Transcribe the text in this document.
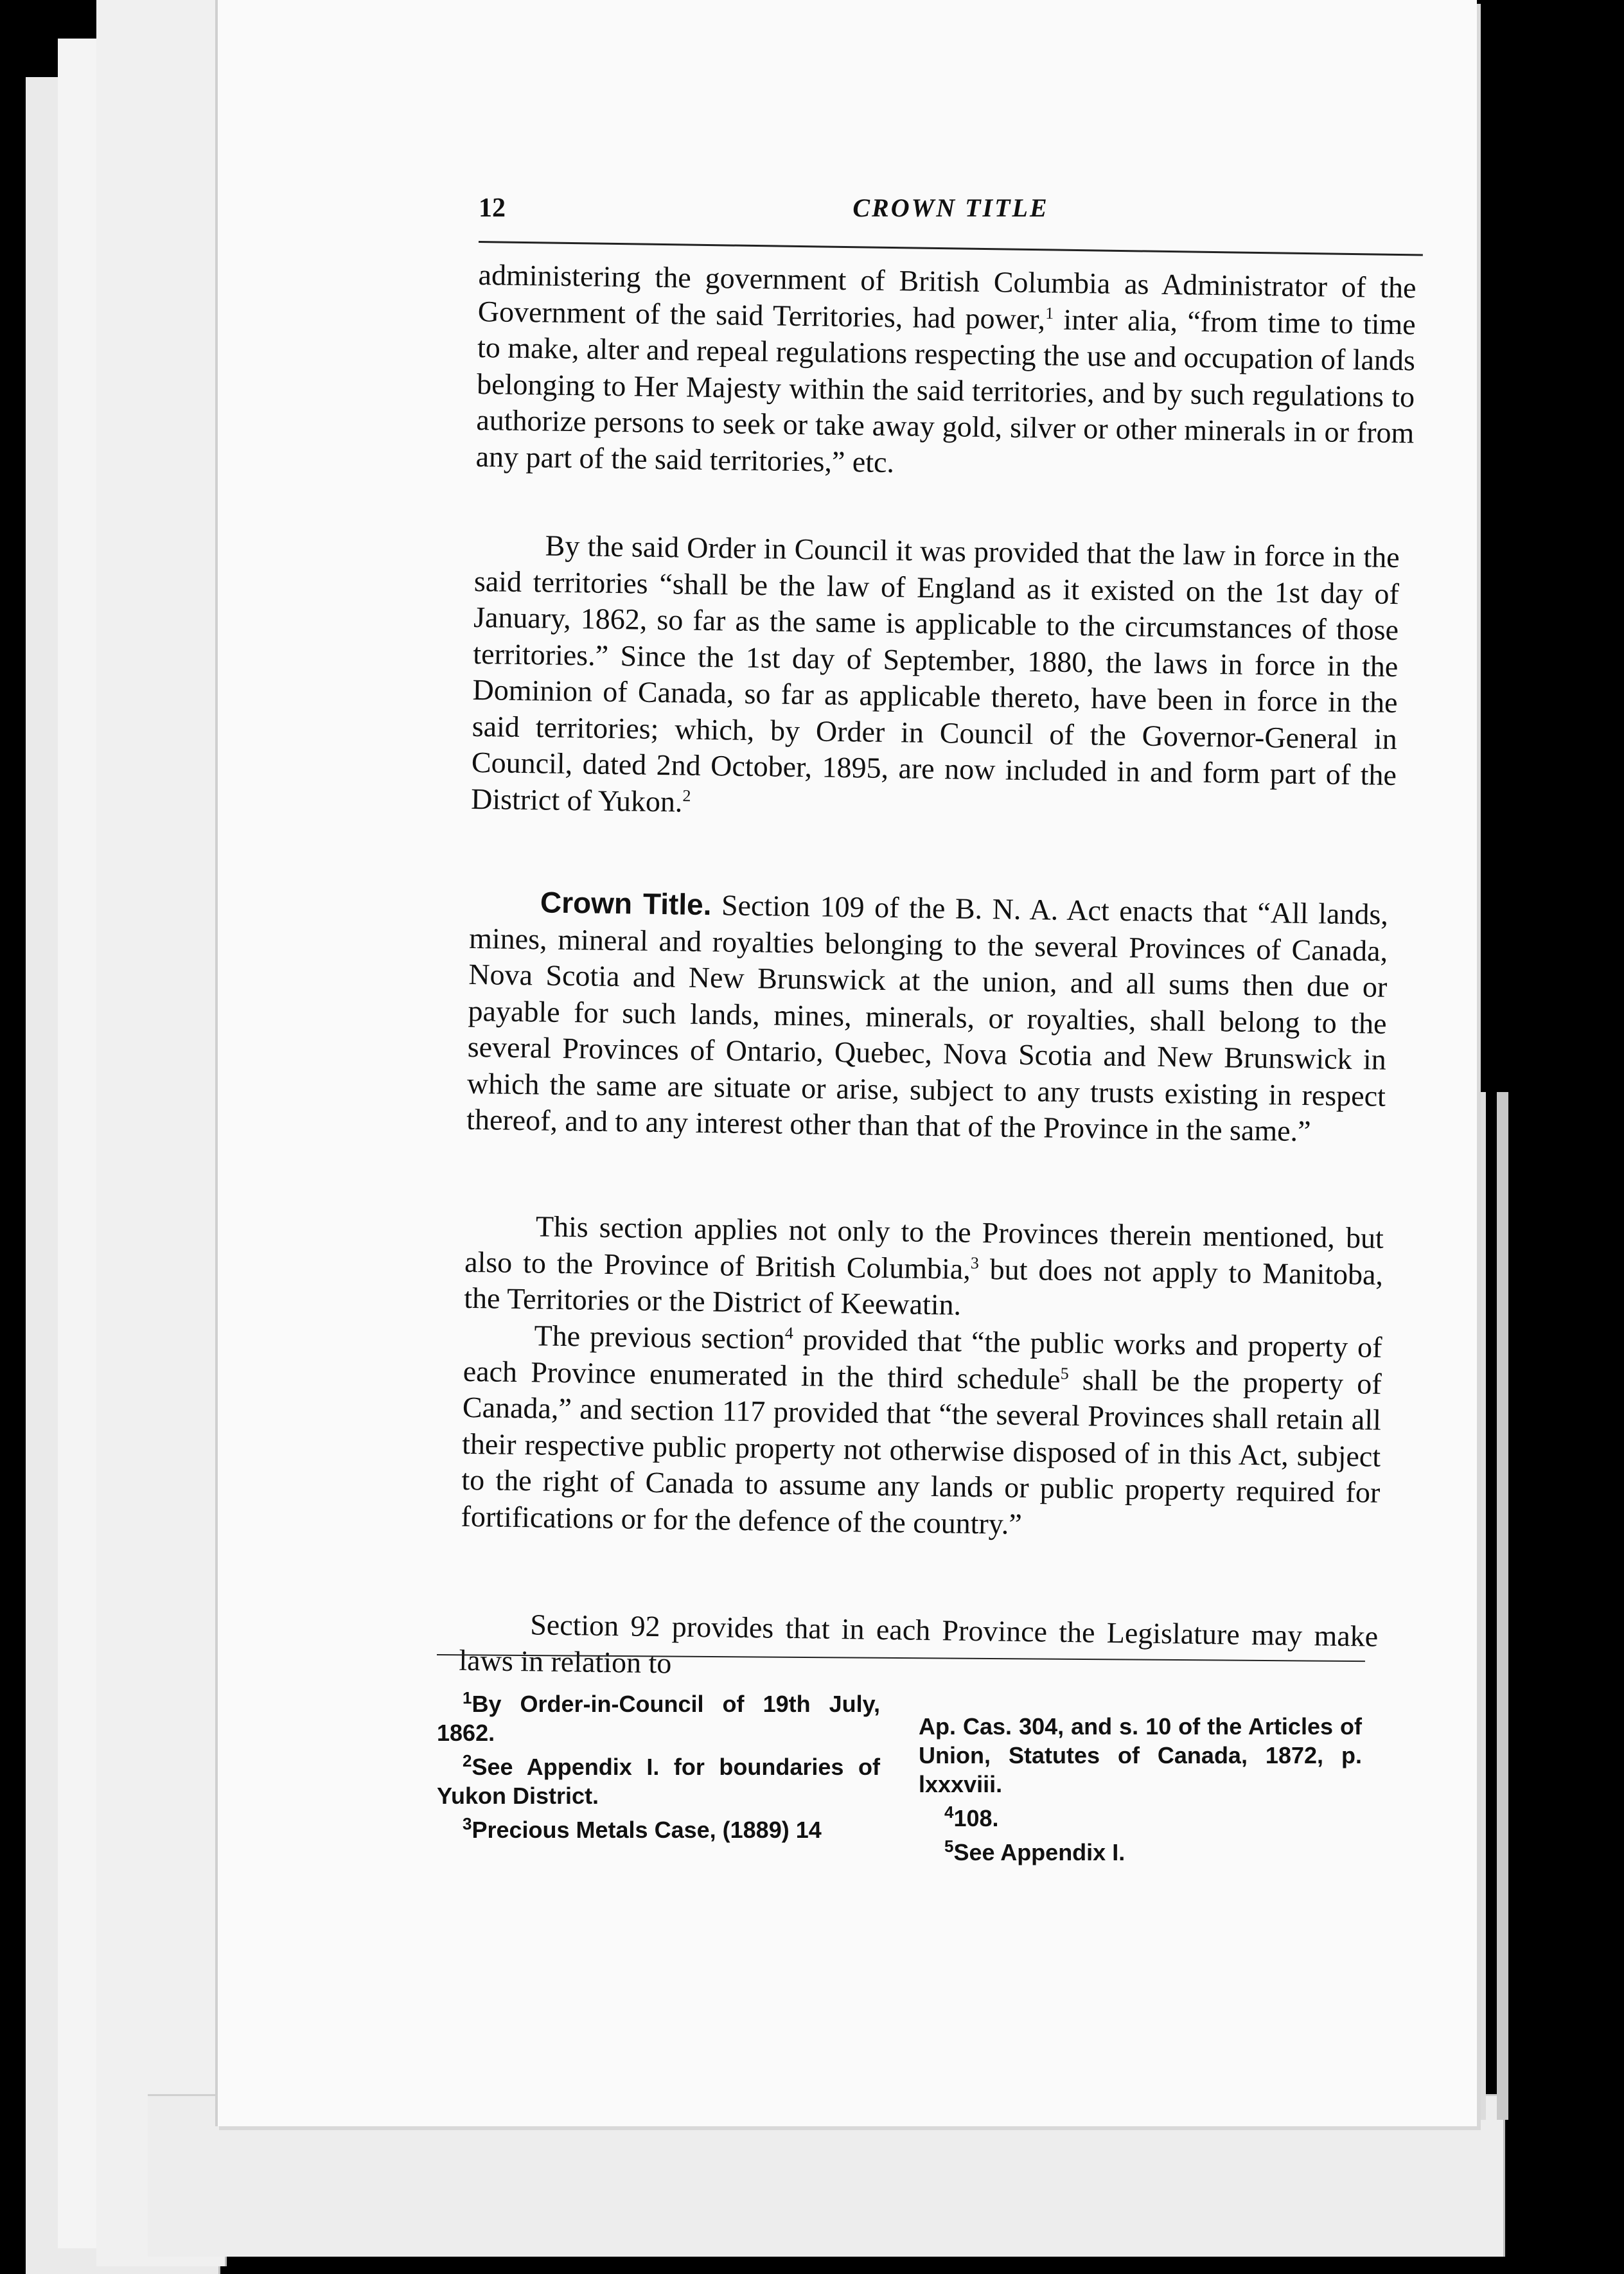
12	CROWN TITLE
administering the government of British Columbia as Administrator of the Government of the said Territories, had power,$^1$ inter alia, “from time to time to make, alter and repeal regulations respecting the use and occupation of lands belonging to Her Majesty within the said territories, and by such regulations to authorize persons to seek or take away gold, silver or other minerals in or from any part of the said territories,” etc.
By the said Order in Council it was provided that the law in force in the said territories “shall be the law of England as it existed on the 1st day of January, 1862, so far as the same is applicable to the circumstances of those territories.” Since the 1st day of September, 1880, the laws in force in the Dominion of Canada, so far as applicable thereto, have been in force in the said territories; which, by Order in Council of the Governor-General in Council, dated 2nd October, 1895, are now included in and form part of the District of Yukon.$^2$
Crown Title. Section 109 of the B. N. A. Act enacts that “All lands, mines, mineral and royalties belonging to the several Provinces of Canada, Nova Scotia and New Brunswick at the union, and all sums then due or payable for such lands, mines, minerals, or royalties, shall belong to the several Provinces of Ontario, Quebec, Nova Scotia and New Brunswick in which the same are situate or arise, subject to any trusts existing in respect thereof, and to any interest other than that of the Province in the same.”
This section applies not only to the Provinces therein mentioned, but also to the Province of British Columbia,$^3$ but does not apply to Manitoba, the Territories or the District of Keewatin.
The previous section$^4$ provided that “the public works and property of each Province enumerated in the third schedule$^5$ shall be the property of Canada,” and section 117 provided that “the several Provinces shall retain all their respective public property not otherwise disposed of in this Act, subject to the right of Canada to assume any lands or public property required for fortifications or for the defence of the country.”
Section 92 provides that in each Province the Legislature may make laws in relation to

$^1$By Order-in-Council of 19th July, 1862.

$^2$See Appendix I. for boundaries of Yukon District.

$^3$Precious Metals Case, (1889) 14

Ap. Cas. 304, and s. 10 of the Articles of Union, Statutes of Canada, 1872, p. lxxxviii.

$^4$108.

$^5$See Appendix I.
